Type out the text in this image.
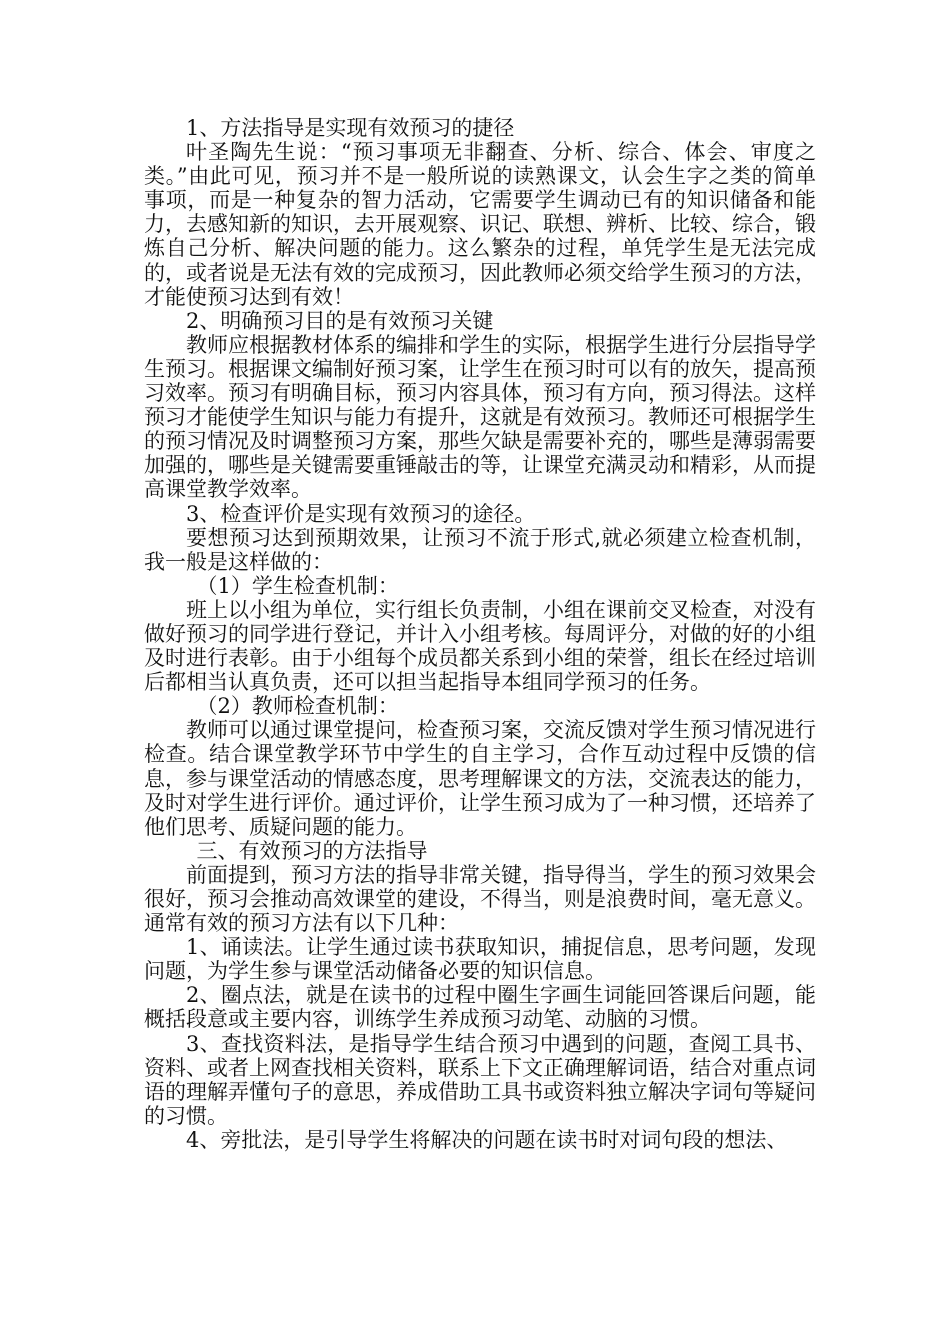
1、方法指导是实现有效预习的捷径

叶圣陶先生说：“预习事项无非翻查、分析、综合、体会、审度之类。”由此可见，预习并不是一般所说的读熟课文，认会生字之类的简单事项，而是一种复杂的智力活动，它需要学生调动已有的知识储备和能力，去感知新的知识，去开展观察、识记、联想、辨析、比较、综合，锻炼自己分析、解决问题的能力。这么繁杂的过程，单凭学生是无法完成的，或者说是无法有效的完成预习，因此教师必须交给学生预习的方法，才能使预习达到有效！

2、明确预习目的是有效预习关键

教师应根据教材体系的编排和学生的实际，根据学生进行分层指导学生预习。根据课文编制好预习案，让学生在预习时可以有的放矢，提高预习效率。预习有明确目标，预习内容具体，预习有方向，预习得法。这样预习才能使学生知识与能力有提升，这就是有效预习。教师还可根据学生的预习情况及时调整预习方案，那些欠缺是需要补充的，哪些是薄弱需要加强的，哪些是关键需要重锤敲击的等，让课堂充满灵动和精彩，从而提高课堂教学效率。

3、检查评价是实现有效预习的途径。

要想预习达到预期效果，让预习不流于形式,就必须建立检查机制，我一般是这样做的：

（1）学生检查机制：

班上以小组为单位，实行组长负责制，小组在课前交叉检查，对没有做好预习的同学进行登记，并计入小组考核。每周评分，对做的好的小组及时进行表彰。由于小组每个成员都关系到小组的荣誉，组长在经过培训后都相当认真负责，还可以担当起指导本组同学预习的任务。

（2）教师检查机制：

教师可以通过课堂提问，检查预习案，交流反馈对学生预习情况进行检查。结合课堂教学环节中学生的自主学习，合作互动过程中反馈的信息，参与课堂活动的情感态度，思考理解课文的方法，交流表达的能力，及时对学生进行评价。通过评价，让学生预习成为了一种习惯，还培养了他们思考、质疑问题的能力。

三、有效预习的方法指导

前面提到，预习方法的指导非常关键，指导得当，学生的预习效果会很好，预习会推动高效课堂的建设，不得当，则是浪费时间，毫无意义。通常有效的预习方法有以下几种：

1、诵读法。让学生通过读书获取知识，捕捉信息，思考问题，发现问题，为学生参与课堂活动储备必要的知识信息。

2、圈点法，就是在读书的过程中圈生字画生词能回答课后问题，能概括段意或主要内容，训练学生养成预习动笔、动脑的习惯。

3、查找资料法，是指导学生结合预习中遇到的问题，查阅工具书、资料、或者上网查找相关资料，联系上下文正确理解词语，结合对重点词语的理解弄懂句子的意思，养成借助工具书或资料独立解决字词句等疑问的习惯。

4、旁批法，是引导学生将解决的问题在读书时对词句段的想法、
